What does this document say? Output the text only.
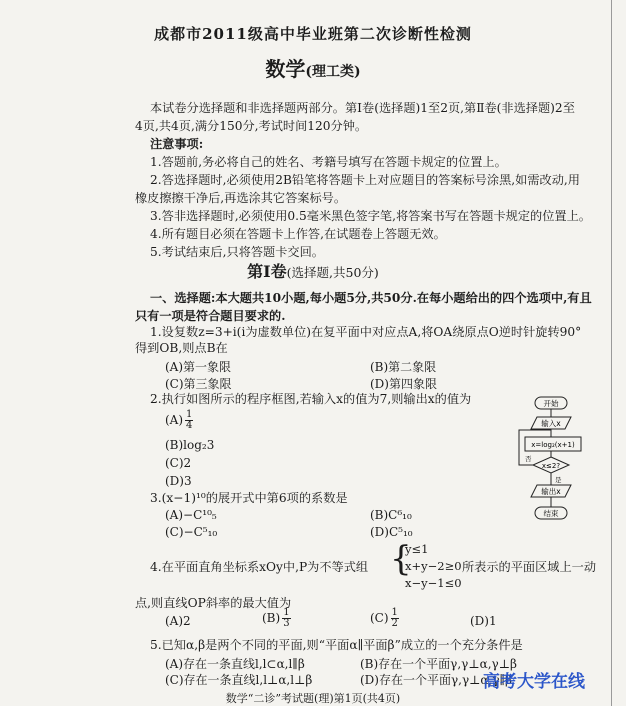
成都市2011级高中毕业班第二次诊断性检测
数学(理工类)
本试卷分选择题和非选择题两部分。第Ⅰ卷(选择题)1至2页,第Ⅱ卷(非选择题)2至
4页,共4页,满分150分,考试时间120分钟。
注意事项:
1.答题前,务必将自己的姓名、考籍号填写在答题卡规定的位置上。
2.答选择题时,必须使用2B铅笔将答题卡上对应题目的答案标号涂黑,如需改动,用
橡皮擦擦干净后,再选涂其它答案标号。
3.答非选择题时,必须使用0.5毫米黑色签字笔,将答案书写在答题卡规定的位置上。
4.所有题目必须在答题卡上作答,在试题卷上答题无效。
5.考试结束后,只将答题卡交回。
第Ⅰ卷(选择题,共50分)
一、选择题:本大题共10小题,每小题5分,共50分.在每小题给出的四个选项中,有且
只有一项是符合题目要求的.
1.设复数z=3+i(i为虚数单位)在复平面中对应点A,将OA绕原点O逆时针旋转90°
得到OB,则点B在
(A)第一象限	(B)第二象限
(C)第三象限	(D)第四象限
2.执行如图所示的程序框图,若输入x的值为7,则输出x的值为
$(A) \frac{1}{4}$
(B)log₂3
(C)2
(D)3
3.(x−1)¹⁰的展开式中第6项的系数是
(A)−C¹⁰₅	(B)C⁶₁₀
(C)−C⁵₁₀	(D)C⁵₁₀
4.在平面直角坐标系xOy中,P为不等式组 {
y≤1
x+y−2≥0
x−y−1≤0
所表示的平面区域上一动
点,则直线OP斜率的最大值为
(A)2	$(B) \frac{1}{3}$	$(C) \frac{1}{2}$	(D)1
5.已知α,β是两个不同的平面,则“平面α∥平面β”成立的一个充分条件是
(A)存在一条直线l,l⊂α,l∥β	(B)存在一个平面γ,γ⊥α,γ⊥β
(C)存在一条直线l,l⊥α,l⊥β	(D)存在一个平面γ,γ⊥α,γ∥β
开始
输入x
x=log₂(x+1)
x≤2?
否
是
输出x
结束
高考大学在线
数学“二诊”考试题(理)第1页(共4页)
